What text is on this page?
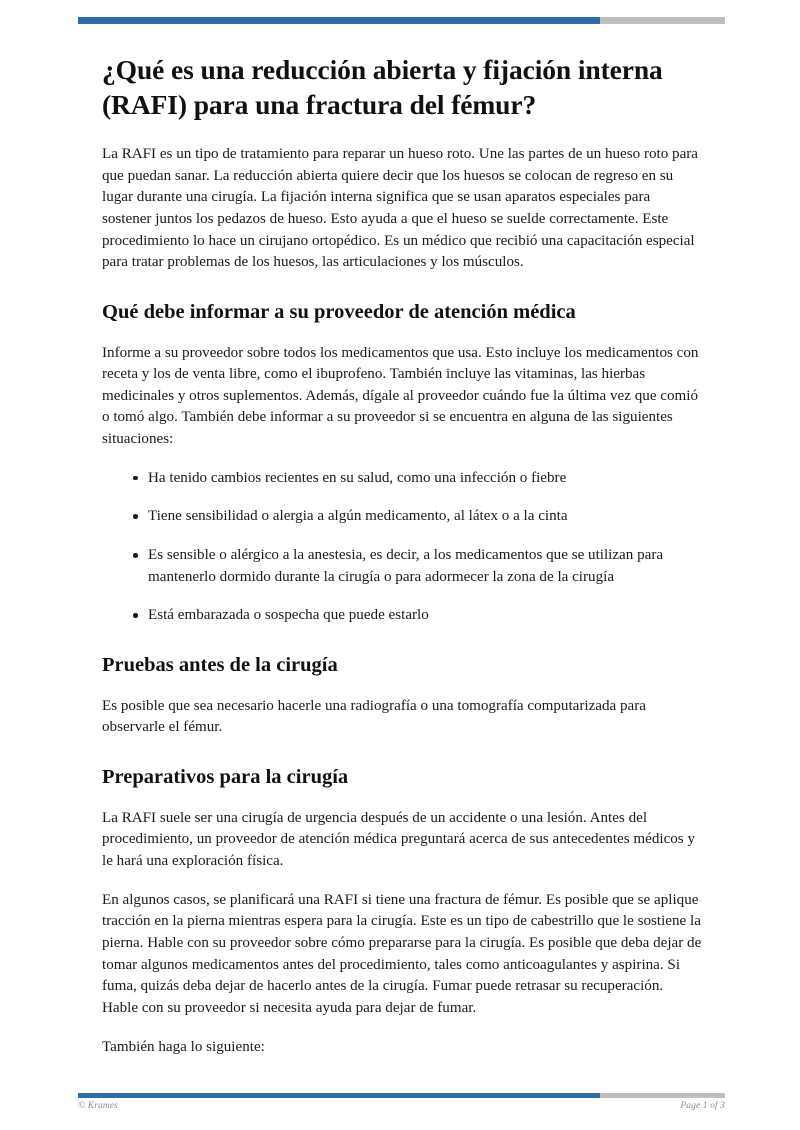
¿Qué es una reducción abierta y fijación interna (RAFI) para una fractura del fémur?

La RAFI es un tipo de tratamiento para reparar un hueso roto. Une las partes de un hueso roto para que puedan sanar. La reducción abierta quiere decir que los huesos se colocan de regreso en su lugar durante una cirugía. La fijación interna significa que se usan aparatos especiales para sostener juntos los pedazos de hueso. Esto ayuda a que el hueso se suelde correctamente. Este procedimiento lo hace un cirujano ortopédico. Es un médico que recibió una capacitación especial para tratar problemas de los huesos, las articulaciones y los músculos.

Qué debe informar a su proveedor de atención médica

Informe a su proveedor sobre todos los medicamentos que usa. Esto incluye los medicamentos con receta y los de venta libre, como el ibuprofeno. También incluye las vitaminas, las hierbas medicinales y otros suplementos. Además, dígale al proveedor cuándo fue la última vez que comió o tomó algo. También debe informar a su proveedor si se encuentra en alguna de las siguientes situaciones:

Ha tenido cambios recientes en su salud, como una infección o fiebre
Tiene sensibilidad o alergia a algún medicamento, al látex o a la cinta
Es sensible o alérgico a la anestesia, es decir, a los medicamentos que se utilizan para mantenerlo dormido durante la cirugía o para adormecer la zona de la cirugía
Está embarazada o sospecha que puede estarlo
Pruebas antes de la cirugía

Es posible que sea necesario hacerle una radiografía o una tomografía computarizada para observarle el fémur.

Preparativos para la cirugía

La RAFI suele ser una cirugía de urgencia después de un accidente o una lesión. Antes del procedimiento, un proveedor de atención médica preguntará acerca de sus antecedentes médicos y le hará una exploración física.

En algunos casos, se planificará una RAFI si tiene una fractura de fémur. Es posible que se aplique tracción en la pierna mientras espera para la cirugía. Este es un tipo de cabestrillo que le sostiene la pierna. Hable con su proveedor sobre cómo prepararse para la cirugía. Es posible que deba dejar de tomar algunos medicamentos antes del procedimiento, tales como anticoagulantes y aspirina. Si fuma, quizás deba dejar de hacerlo antes de la cirugía. Fumar puede retrasar su recuperación. Hable con su proveedor si necesita ayuda para dejar de fumar.

También haga lo siguiente:

© Krames	Page 1 of 3
